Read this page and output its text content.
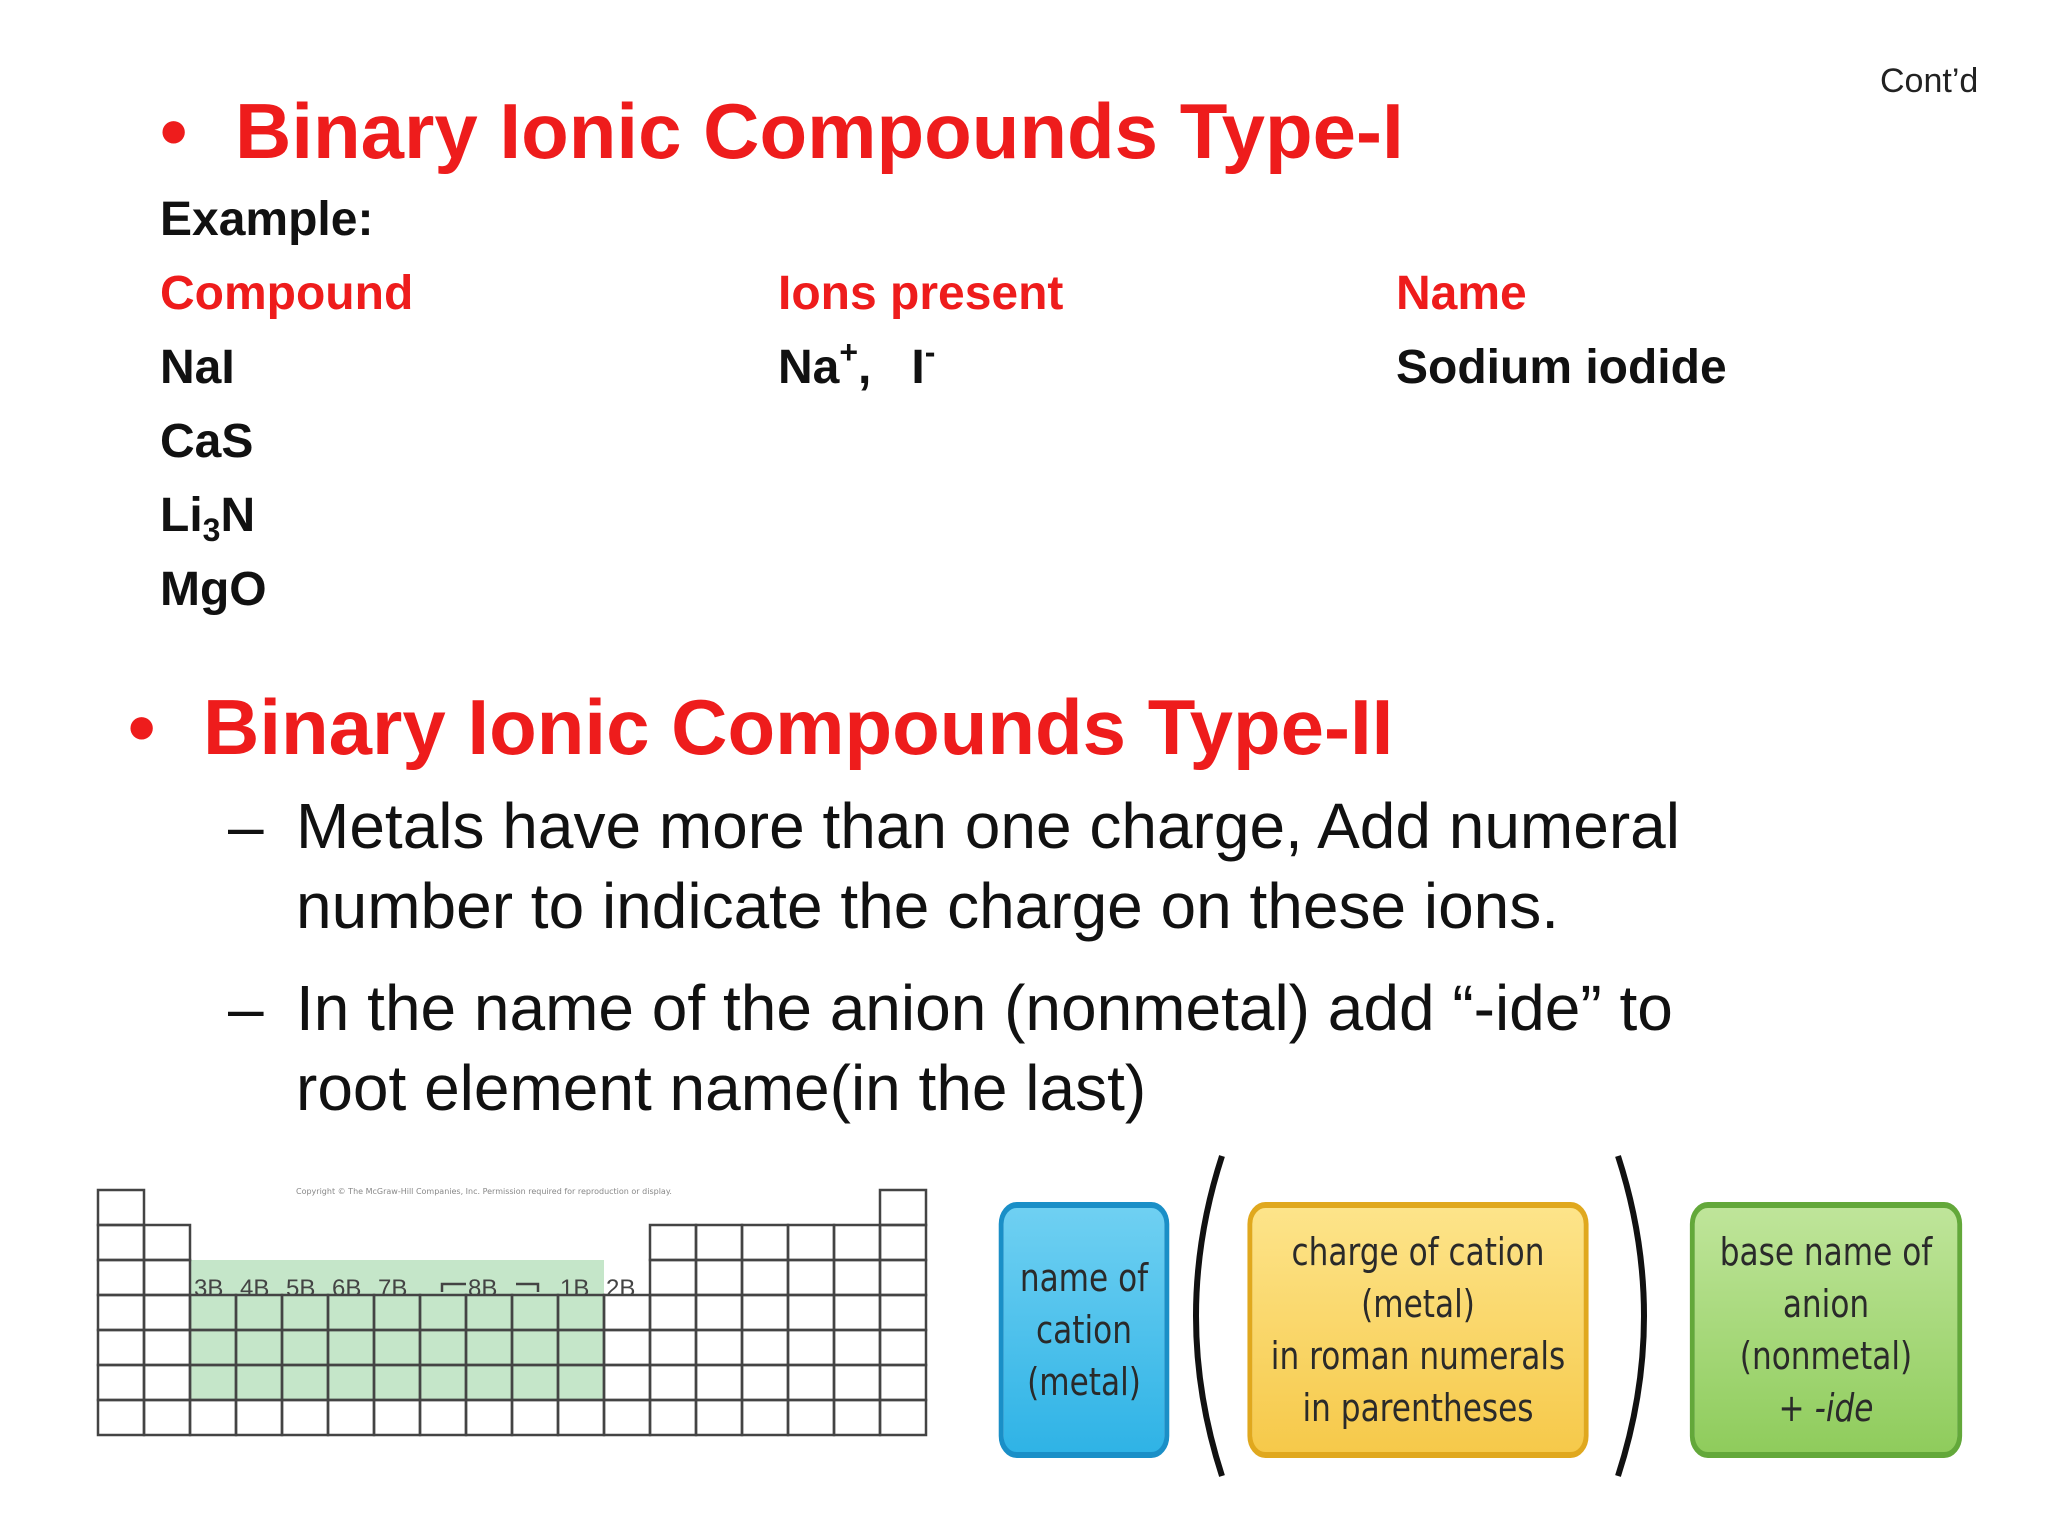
Cont’d
• Binary Ionic Compounds Type-I
Example:
Compound	Ions present	Name
NaI	Na+,   I-	Sodium iodide
CaS
$Li_3N$
MgO
• Binary Ionic Compounds Type-II
– Metals have more than one charge, Add numeral
number to indicate the charge on these ions.
– In the name of the anion (nonmetal) add “-ide” to
root element name(in the last)
Copyright © The McGraw-Hill Companies, Inc. Permission required for reproduction or display.
3B 4B 5B 6B 7B	8B	1B 2B	name of
cation
(metal)
charge of cation (metal)
in roman numerals
in parentheses
base name of
anion (nonmetal)
+ -ide
